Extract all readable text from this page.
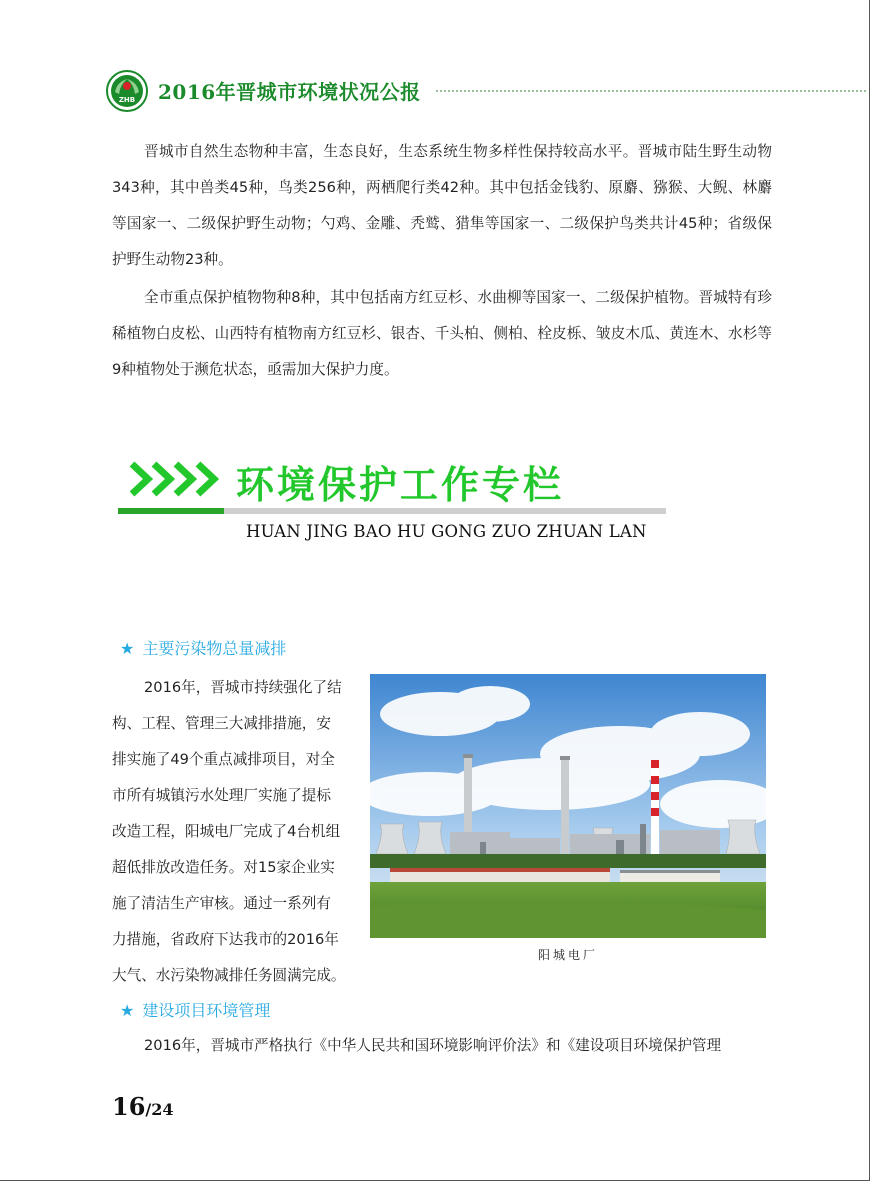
ZHB 2016年晋城市环境状况公报

晋城市自然生态物种丰富，生态良好，生态系统生物多样性保持较高水平。晋城市陆生野生动物343种，其中兽类45种，鸟类256种，两栖爬行类42种。其中包括金钱豹、原麝、猕猴、大鲵、林麝等国家一、二级保护野生动物；勺鸡、金雕、秃鹫、猎隼等国家一、二级保护鸟类共计45种；省级保护野生动物23种。

全市重点保护植物物种8种，其中包括南方红豆杉、水曲柳等国家一、二级保护植物。晋城特有珍稀植物白皮松、山西特有植物南方红豆杉、银杏、千头柏、侧柏、栓皮栎、皱皮木瓜、黄连木、水杉等9种植物处于濒危状态，亟需加大保护力度。

环境保护工作专栏
HUAN JING BAO HU GONG ZUO ZHUAN LAN
★ 主要污染物总量减排

2016年，晋城市持续强化了结
构、工程、管理三大减排措施，安
排实施了49个重点减排项目，对全
市所有城镇污水处理厂实施了提标
改造工程，阳城电厂完成了4台机组
超低排放改造任务。对15家企业实
施了清洁生产审核。通过一系列有
力措施，省政府下达我市的2016年
大气、水污染物减排任务圆满完成。

阳城电厂
★ 建设项目环境管理

2016年，晋城市严格执行《中华人民共和国环境影响评价法》和《建设项目环境保护管理

16/24
